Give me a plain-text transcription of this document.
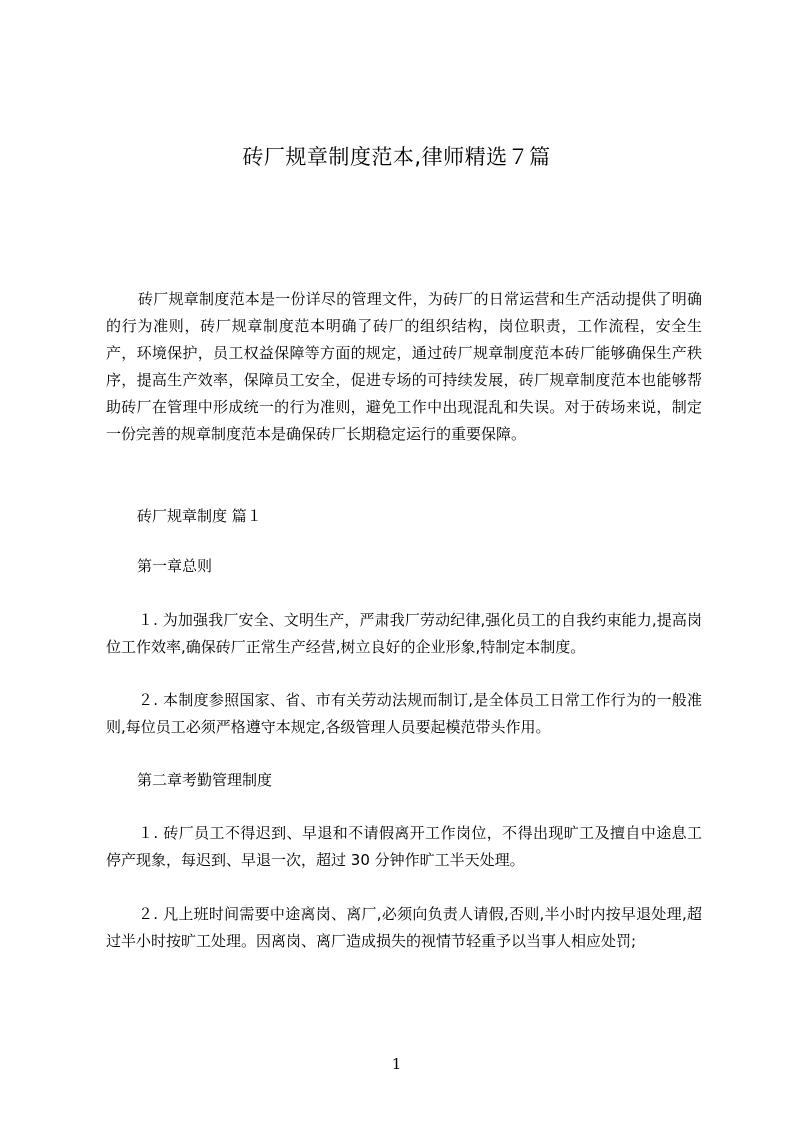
砖厂规章制度范本,律师精选７篇

砖厂规章制度范本是一份详尽的管理文件，为砖厂的日常运营和生产活动提供了明确的行为准则，砖厂规章制度范本明确了砖厂的组织结构，岗位职责，工作流程，安全生产，环境保护，员工权益保障等方面的规定，通过砖厂规章制度范本砖厂能够确保生产秩序，提高生产效率，保障员工安全，促进专场的可持续发展，砖厂规章制度范本也能够帮助砖厂在管理中形成统一的行为准则，避免工作中出现混乱和失误。对于砖场来说，制定一份完善的规章制度范本是确保砖厂长期稳定运行的重要保障。

砖厂规章制度 篇１

第一章总则

１. 为加强我厂安全、文明生产，严肃我厂劳动纪律,强化员工的自我约束能力,提高岗位工作效率,确保砖厂正常生产经营,树立良好的企业形象,特制定本制度。

２. 本制度参照国家、省、市有关劳动法规而制订,是全体员工日常工作行为的一般准则,每位员工必须严格遵守本规定,各级管理人员要起模范带头作用。

第二章考勤管理制度

１. 砖厂员工不得迟到、早退和不请假离开工作岗位，不得出现旷工及擅自中途息工停产现象，每迟到、早退一次，超过 30 分钟作旷工半天处理。

２. 凡上班时间需要中途离岗、离厂,必须向负责人请假,否则,半小时内按早退处理,超过半小时按旷工处理。因离岗、离厂造成损失的视情节轻重予以当事人相应处罚;

1
